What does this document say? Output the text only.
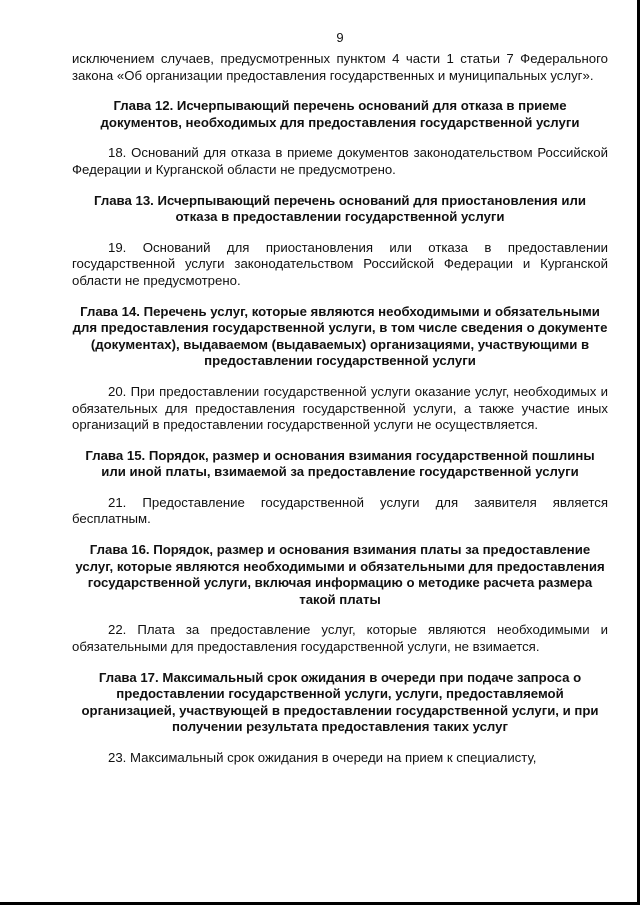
9

исключением случаев, предусмотренных пунктом 4 части 1 статьи 7 Федерального закона «Об организации предоставления государственных и муниципальных услуг».

Глава 12. Исчерпывающий перечень оснований для отказа в приеме документов, необходимых для предоставления государственной услуги

18. Оснований для отказа в приеме документов законодательством Российской Федерации и Курганской области не предусмотрено.

Глава 13. Исчерпывающий перечень оснований для приостановления или отказа в предоставлении государственной услуги

19. Оснований для приостановления или отказа в предоставлении государственной услуги законодательством Российской Федерации и Курганской области не предусмотрено.

Глава 14. Перечень услуг, которые являются необходимыми и обязательными для предоставления государственной услуги, в том числе сведения о документе (документах), выдаваемом (выдаваемых) организациями, участвующими в предоставлении государственной услуги

20. При предоставлении государственной услуги оказание услуг, необходимых и обязательных для предоставления государственной услуги, а также участие иных организаций в предоставлении государственной услуги не осуществляется.

Глава 15. Порядок, размер и основания взимания государственной пошлины или иной платы, взимаемой за предоставление государственной услуги

21. Предоставление государственной услуги для заявителя является бесплатным.

Глава 16. Порядок, размер и основания взимания платы за предоставление услуг, которые являются необходимыми и обязательными для предоставления государственной услуги, включая информацию о методике расчета размера такой платы

22. Плата за предоставление услуг, которые являются необходимыми и обязательными для предоставления государственной услуги, не взимается.

Глава 17. Максимальный срок ожидания в очереди при подаче запроса о предоставлении государственной услуги, услуги, предоставляемой организацией, участвующей в предоставлении государственной услуги, и при получении результата предоставления таких услуг

23. Максимальный срок ожидания в очереди на прием к специалисту,
